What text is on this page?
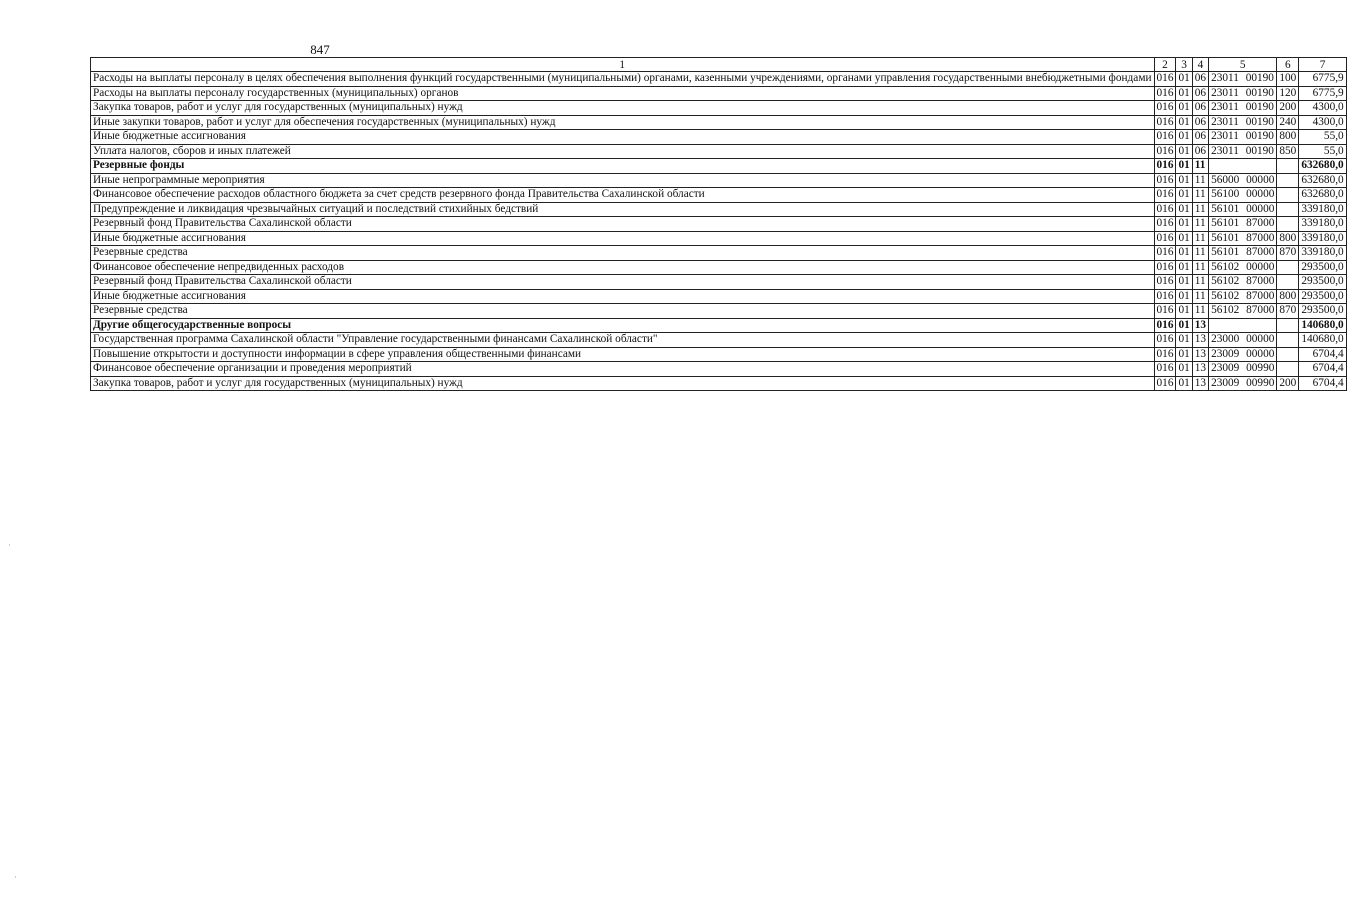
847
1	2	3	4	5	6	7
Расходы на выплаты персоналу в целях обеспечения выполнения функций государственными (муниципальными) органами, казенными учреждениями, органами управления государственными внебюджетными фондами	016	01	06	23011 00190	100	6775,9
Расходы на выплаты персоналу государственных (муниципальных) органов	016	01	06	23011 00190	120	6775,9
Закупка товаров, работ и услуг для государственных (муниципальных) нужд	016	01	06	23011 00190	200	4300,0
Иные закупки товаров, работ и услуг для обеспечения государственных (муниципальных) нужд	016	01	06	23011 00190	240	4300,0
Иные бюджетные ассигнования	016	01	06	23011 00190	800	55,0
Уплата налогов, сборов и иных платежей	016	01	06	23011 00190	850	55,0
Резервные фонды	016	01	11			632680,0
Иные непрограммные мероприятия	016	01	11	56000 00000		632680,0
Финансовое обеспечение расходов областного бюджета за счет средств резервного фонда Правительства Сахалинской области	016	01	11	56100 00000		632680,0
Предупреждение и ликвидация чрезвычайных ситуаций и последствий стихийных бедствий	016	01	11	56101 00000		339180,0
Резервный фонд Правительства Сахалинской области	016	01	11	56101 87000		339180,0
Иные бюджетные ассигнования	016	01	11	56101 87000	800	339180,0
Резервные средства	016	01	11	56101 87000	870	339180,0
Финансовое обеспечение непредвиденных расходов	016	01	11	56102 00000		293500,0
Резервный фонд Правительства Сахалинской области	016	01	11	56102 87000		293500,0
Иные бюджетные ассигнования	016	01	11	56102 87000	800	293500,0
Резервные средства	016	01	11	56102 87000	870	293500,0
Другие общегосударственные вопросы	016	01	13			140680,0
Государственная программа Сахалинской области "Управление государственными финансами Сахалинской области"	016	01	13	23000 00000		140680,0
Повышение открытости и доступности информации в сфере управления общественными финансами	016	01	13	23009 00000		6704,4
Финансовое обеспечение организации и проведения мероприятий	016	01	13	23009 00990		6704,4
Закупка товаров, работ и услуг для государственных (муниципальных) нужд	016	01	13	23009 00990	200	6704,4
·
·
